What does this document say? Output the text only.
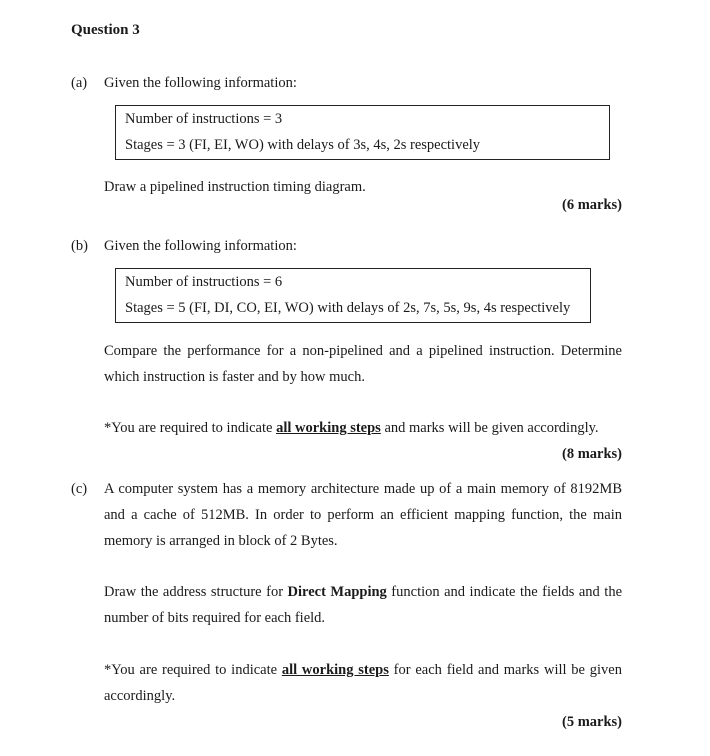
Question 3
(a) Given the following information:
Number of instructions = 3
Stages = 3 (FI, EI, WO) with delays of 3s, 4s, 2s respectively
Draw a pipelined instruction timing diagram.
(6 marks)
(b) Given the following information:
Number of instructions = 6
Stages = 5 (FI, DI, CO, EI, WO) with delays of 2s, 7s, 5s, 9s, 4s respectively
Compare the performance for a non-pipelined and a pipelined instruction. Determine
which instruction is faster and by how much.
*You are required to indicate all working steps and marks will be given accordingly.
(8 marks)
(c) A computer system has a memory architecture made up of a main memory of 8192MB
and a cache of 512MB. In order to perform an efficient mapping function, the main
memory is arranged in block of 2 Bytes.
Draw the address structure for Direct Mapping function and indicate the fields and the
number of bits required for each field.
*You are required to indicate all working steps for each field and marks will be given
accordingly.
(5 marks)
